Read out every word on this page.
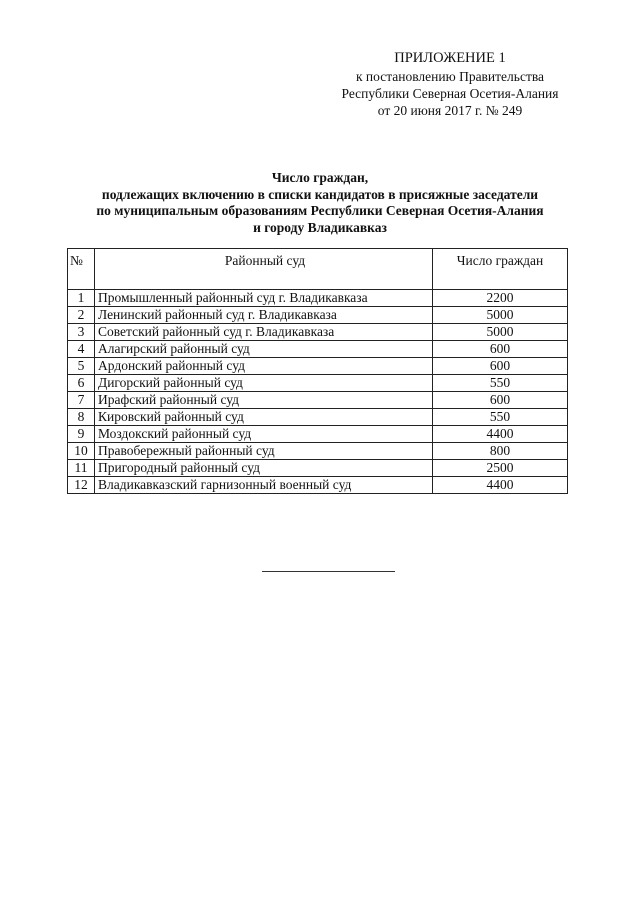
ПРИЛОЖЕНИЕ 1
к постановлению Правительства
Республики Северная Осетия-Алания
от 20 июня 2017 г. № 249
Число граждан,
подлежащих включению в списки кандидатов в присяжные заседатели
по муниципальным образованиям Республики Северная Осетия-Алания
и городу Владикавказ
№	Районный суд	Число граждан
1	Промышленный районный суд г. Владикавказа	2200
2	Ленинский районный суд г. Владикавказа	5000
3	Советский районный суд г. Владикавказа	5000
4	Алагирский районный суд	600
5	Ардонский районный суд	600
6	Дигорский районный суд	550
7	Ирафский районный суд	600
8	Кировский районный суд	550
9	Моздокский районный суд	4400
10	Правобережный районный суд	800
11	Пригородный районный суд	2500
12	Владикавказский гарнизонный военный суд	4400
